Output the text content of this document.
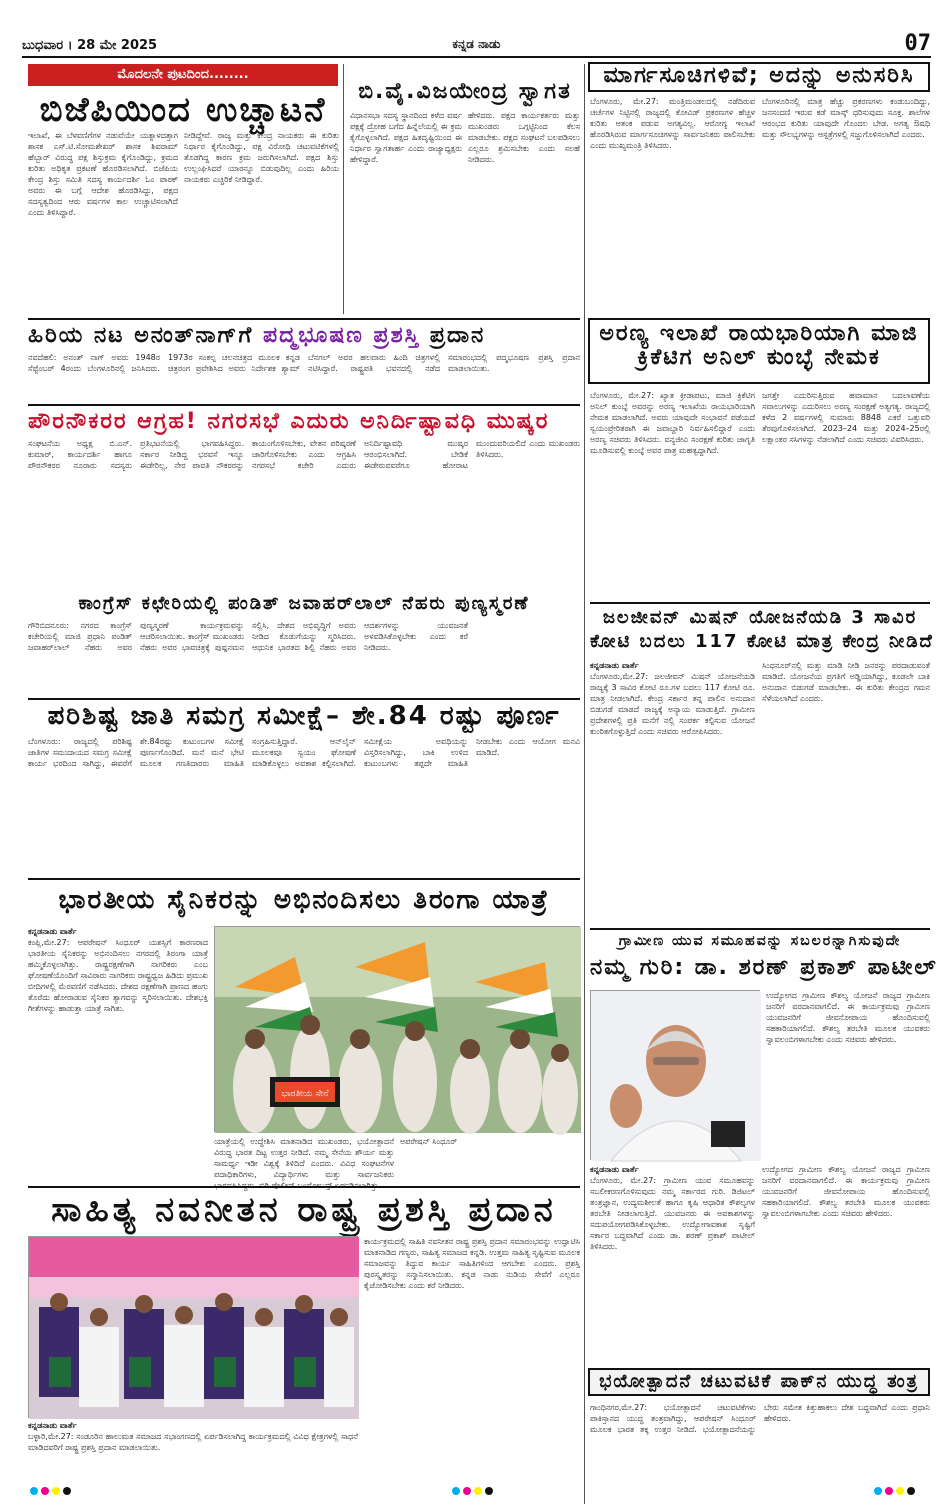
ಬುಧವಾರ । 28 ಮೇ 2025	ಕನ್ನಡ ನಾಡು	07
ಮೊದಲನೇ ಪುಟದಿಂದ........
ಬಿಜೆಪಿಯಿಂದ ಉಚ್ಚಾಟನೆ
ಇಲಾಖೆ, ಈ ಬೆಳವಣಿಗೆಗಳ ನಡುವೆಯೇ ಯತ್ನಾಳದತ್ತಾಗ ಶಾಸಕ ಎಸ್.ಟಿ.ಸೋಮಶೇಖರ್ ಶಾಸಕ ಶಿವರಾಮ್ ಹೆಬ್ಬಾರ್ ವಿರುದ್ಧ ಪಕ್ಷ ಶಿಸ್ತುಕ್ರಮ ಕೈಗೊಂಡಿದ್ದು, ಕ್ರಮದ ಕುರಿತು ಅಧಿಕೃತ ಪ್ರಕಟಣೆ ಹೊರಡಿಸಲಾಗಿದೆ. ಬಿಜೆಪಿಯ ಕೇಂದ್ರ ಶಿಸ್ತು ಸಮಿತಿ ಸದಸ್ಯ ಕಾರ್ಯದರ್ಶಿ ಓಂ ಪಾಠಕ್ ಅವರು ಈ ಬಗ್ಗೆ ಆದೇಶ ಹೊರಡಿಸಿದ್ದು, ಪಕ್ಷದ ಸದಸ್ಯತ್ವದಿಂದ ಆರು ವರ್ಷಗಳ ಕಾಲ ಉಚ್ಚಾಟಿಸಲಾಗಿದೆ ಎಂದು ತಿಳಿಸಿದ್ದಾರೆ.
ನೀಡಿದ್ದೇವೆ. ರಾಜ್ಯ ಮತ್ತು ಕೇಂದ್ರ ನಾಯಕರು ಈ ಕುರಿತು ನಿರ್ಧಾರ ಕೈಗೊಂಡಿದ್ದು, ಪಕ್ಷ ವಿರೋಧಿ ಚಟುವಟಿಕೆಗಳಲ್ಲಿ ತೊಡಗಿದ್ದ ಕಾರಣ ಕ್ರಮ ಜರುಗಿಸಲಾಗಿದೆ. ಪಕ್ಷದ ಶಿಸ್ತು ಉಲ್ಲಂಘಿಸಿದರೆ ಯಾರನ್ನೂ ಬಿಡುವುದಿಲ್ಲ ಎಂದು ಹಿರಿಯ ನಾಯಕರು ಎಚ್ಚರಿಕೆ ನೀಡಿದ್ದಾರೆ.
ಬಿ.ವೈ.ವಿಜಯೇಂದ್ರ ಸ್ವಾಗತ
ವಿಧಾನಸಭಾ ಸದಸ್ಯ ಸ್ಥಾನದಿಂದ ಕಳೆದ ವರ್ಷ ಪಕ್ಷಕ್ಕೆ ದ್ರೋಹ ಬಗೆದ ಹಿನ್ನೆಲೆಯಲ್ಲಿ ಈ ಕ್ರಮ ಕೈಗೊಳ್ಳಲಾಗಿದೆ. ಪಕ್ಷದ ಹಿತದೃಷ್ಟಿಯಿಂದ ಈ ನಿರ್ಧಾರ ಸ್ವಾಗತಾರ್ಹ ಎಂದು ರಾಜ್ಯಾಧ್ಯಕ್ಷರು ಹೇಳಿದ್ದಾರೆ.
ಹೇಳಿದರು. ಪಕ್ಷದ ಕಾರ್ಯಕರ್ತರು ಮತ್ತು ಮುಖಂಡರು ಒಗ್ಗಟ್ಟಿನಿಂದ ಕೆಲಸ ಮಾಡಬೇಕು. ಪಕ್ಷದ ಸಂಘಟನೆ ಬಲಪಡಿಸಲು ಎಲ್ಲರೂ ಶ್ರಮಿಸಬೇಕು ಎಂದು ಸಲಹೆ ನೀಡಿದರು.
ಹಿರಿಯ ನಟ ಅನಂತ್‌ನಾಗ್‌ಗೆ ಪದ್ಮಭೂಷಣ ಪ್ರಶಸ್ತಿ ಪ್ರದಾನ
ನವದೆಹಲಿ: ಅನಂತ್ ನಾಗ್ ಅವರು 1948ರ ಸೆಪ್ಟೆಂಬರ್ 4ರಂದು ಬೆಂಗಳೂರಿನಲ್ಲಿ ಜನಿಸಿದರು. 1973ರ ಸಂಕಲ್ಪ ಚಲನಚಿತ್ರದ ಮೂಲಕ ಕನ್ನಡ ಚಿತ್ರರಂಗ ಪ್ರವೇಶಿಸಿದ ಅವರು ನಿರ್ದೇಶಕ ಶ್ಯಾಮ್ ಬೆನಗಲ್ ಅವರ ಹಲವಾರು ಹಿಂದಿ ಚಿತ್ರಗಳಲ್ಲಿ ನಟಿಸಿದ್ದಾರೆ. ರಾಷ್ಟ್ರಪತಿ ಭವನದಲ್ಲಿ ನಡೆದ ಸಮಾರಂಭದಲ್ಲಿ ಪದ್ಮಭೂಷಣ ಪ್ರಶಸ್ತಿ ಪ್ರದಾನ ಮಾಡಲಾಯಿತು.
ಪೌರನೌಕರರ ಆಗ್ರಹ! ನಗರಸಭೆ ಎದುರು ಅನಿರ್ದಿಷ್ಟಾವಧಿ ಮುಷ್ಕರ
ಸಂಘಟನೆಯ ಅಧ್ಯಕ್ಷ ಬಿ.ಎನ್. ಕುಮಾರ್, ಕಾರ್ಯದರ್ಶಿ ಹಾಗೂ ಪೌರನೌಕರರ ನೂರಾರು ಸದಸ್ಯರು ಪ್ರತಿಭಟನೆಯಲ್ಲಿ ಭಾಗವಹಿಸಿದ್ದರು. ಸರ್ಕಾರ ನೀಡಿದ್ದ ಭರವಸೆ ಇನ್ನೂ ಈಡೇರಿಲ್ಲ, ನೇರ ಪಾವತಿ ನೌಕರರನ್ನು ಕಾಯಂಗೊಳಿಸಬೇಕು, ವೇತನ ಪರಿಷ್ಕರಣೆ ಜಾರಿಗೊಳಿಸಬೇಕು ಎಂದು ಆಗ್ರಹಿಸಿ ನಗರಸಭೆ ಕಚೇರಿ ಎದುರು ಅನಿರ್ದಿಷ್ಟಾವಧಿ ಮುಷ್ಕರ ಆರಂಭಿಸಲಾಗಿದೆ. ಬೇಡಿಕೆ ಈಡೇರುವವರೆಗೂ ಹೋರಾಟ ಮುಂದುವರಿಯಲಿದೆ ಎಂದು ಮುಖಂಡರು ತಿಳಿಸಿದರು.
ಕಾಂಗ್ರೆಸ್ ಕಛೇರಿಯಲ್ಲಿ ಪಂಡಿತ್ ಜವಾಹರ್‌ಲಾಲ್ ನೆಹರು ಪುಣ್ಯಸ್ಮರಣೆ
ಗೌರಿಬಿದನೂರು: ನಗರದ ಕಾಂಗ್ರೆಸ್ ಕಚೇರಿಯಲ್ಲಿ ಮಾಜಿ ಪ್ರಧಾನಿ ಪಂಡಿತ್ ಜವಾಹರ್‌ಲಾಲ್ ನೆಹರು ಅವರ ಪುಣ್ಯಸ್ಮರಣೆ ಕಾರ್ಯಕ್ರಮವನ್ನು ಆಚರಿಸಲಾಯಿತು. ಕಾಂಗ್ರೆಸ್ ಮುಖಂಡರು ನೆಹರು ಅವರ ಭಾವಚಿತ್ರಕ್ಕೆ ಪುಷ್ಪನಮನ ಸಲ್ಲಿಸಿ, ದೇಶದ ಅಭಿವೃದ್ಧಿಗೆ ಅವರು ನೀಡಿದ ಕೊಡುಗೆಯನ್ನು ಸ್ಮರಿಸಿದರು. ಆಧುನಿಕ ಭಾರತದ ಶಿಲ್ಪಿ ನೆಹರು ಅವರ ಆದರ್ಶಗಳನ್ನು ಯುವಜನತೆ ಅಳವಡಿಸಿಕೊಳ್ಳಬೇಕು ಎಂದು ಕರೆ ನೀಡಿದರು.
ಪರಿಶಿಷ್ಟ ಜಾತಿ ಸಮಗ್ರ ಸಮೀಕ್ಷೆ– ಶೇ.84 ರಷ್ಟು ಪೂರ್ಣ
ಬೆಂಗಳೂರು: ರಾಜ್ಯದಲ್ಲಿ ಪರಿಶಿಷ್ಟ ಜಾತಿಗಳ ಸಮುದಾಯದ ಸಮಗ್ರ ಸಮೀಕ್ಷೆ ಕಾರ್ಯ ಭರದಿಂದ ಸಾಗಿದ್ದು, ಈವರೆಗೆ ಶೇ.84ರಷ್ಟು ಕುಟುಂಬಗಳ ಸಮೀಕ್ಷೆ ಪೂರ್ಣಗೊಂಡಿದೆ. ಮನೆ ಮನೆ ಭೇಟಿ ಮೂಲಕ ಗಣತಿದಾರರು ಮಾಹಿತಿ ಸಂಗ್ರಹಿಸುತ್ತಿದ್ದಾರೆ. ಆನ್‌ಲೈನ್ ಮೂಲಕವೂ ಸ್ವಯಂ ಘೋಷಣೆ ಮಾಡಿಕೊಳ್ಳಲು ಅವಕಾಶ ಕಲ್ಪಿಸಲಾಗಿದೆ. ಸಮೀಕ್ಷೆಯ ಅವಧಿಯನ್ನು ವಿಸ್ತರಿಸಲಾಗಿದ್ದು, ಬಾಕಿ ಉಳಿದ ಕುಟುಂಬಗಳು ತಪ್ಪದೇ ಮಾಹಿತಿ ನೀಡಬೇಕು ಎಂದು ಆಯೋಗ ಮನವಿ ಮಾಡಿದೆ.
ಭಾರತೀಯ ಸೈನಿಕರನ್ನು ಅಭಿನಂದಿಸಲು ತಿರಂಗಾ ಯಾತ್ರೆ
ಕನ್ನಡನಾಡು ವಾರ್ತೆ
ಕಂಪ್ಲಿ,ಮೇ.27: ಆಪರೇಷನ್ ಸಿಂಧೂರ್ ಯಶಸ್ಸಿಗೆ ಕಾರಣರಾದ ಭಾರತೀಯ ಸೈನಿಕರನ್ನು ಅಭಿನಂದಿಸಲು ನಗರದಲ್ಲಿ ತಿರಂಗಾ ಯಾತ್ರೆ ಹಮ್ಮಿಕೊಳ್ಳಲಾಗಿತ್ತು. ರಾಷ್ಟ್ರರಕ್ಷಣೆಗಾಗಿ ನಾಗರಿಕರು ಎಂಬ ಘೋಷಣೆಯೊಂದಿಗೆ ಸಾವಿರಾರು ನಾಗರಿಕರು ರಾಷ್ಟ್ರಧ್ವಜ ಹಿಡಿದು ಪ್ರಮುಖ ಬೀದಿಗಳಲ್ಲಿ ಮೆರವಣಿಗೆ ನಡೆಸಿದರು. ದೇಶದ ರಕ್ಷಣೆಗಾಗಿ ಪ್ರಾಣದ ಹಂಗು ತೊರೆದು ಹೋರಾಡುವ ಸೈನಿಕರ ತ್ಯಾಗವನ್ನು ಸ್ಮರಿಸಲಾಯಿತು. ದೇಶಭಕ್ತಿ ಗೀತೆಗಳನ್ನು ಹಾಡುತ್ತಾ ಯಾತ್ರೆ ಸಾಗಿತು.
ಭಾರತೀಯ ಸೇನೆ
ಯಾತ್ರೆಯಲ್ಲಿ ಉದ್ದೇಶಿಸಿ ಮಾತನಾಡಿದ ಮುಖಂಡರು, ಭಯೋತ್ಪಾದನೆ ವಿರುದ್ಧ ಭಾರತ ದಿಟ್ಟ ಉತ್ತರ ನೀಡಿದೆ. ನಮ್ಮ ಸೇನೆಯ ಶೌರ್ಯ ಮತ್ತು ಸಾಮರ್ಥ್ಯ ಇಡೀ ವಿಶ್ವಕ್ಕೆ ತಿಳಿದಿದೆ ಎಂದರು. ವಿವಿಧ ಸಂಘಟನೆಗಳ ಪದಾಧಿಕಾರಿಗಳು, ವಿದ್ಯಾರ್ಥಿಗಳು ಮತ್ತು ಸಾರ್ವಜನಿಕರು
ಅಪರೇಷನ್ ಸಿಂಧೂರ್
ಸಾಹಿತ್ಯ ನವನೀತನ ರಾಷ್ಟ್ರ ಪ್ರಶಸ್ತಿ ಪ್ರದಾನ
ಕಾರ್ಯಕ್ರಮದಲ್ಲಿ ಸಾಹಿತಿ ನವನೀತನ ರಾಷ್ಟ್ರ ಪ್ರಶಸ್ತಿ ಪ್ರದಾನ ಸಮಾರಂಭವನ್ನು ಉದ್ಘಾಟಿಸಿ ಮಾತನಾಡಿದ ಗಣ್ಯರು, ಸಾಹಿತ್ಯ ಸಮಾಜದ ಕನ್ನಡಿ. ಉತ್ತಮ ಸಾಹಿತ್ಯ ಸೃಷ್ಟಿಸುವ ಮೂಲಕ ಸಮಾಜವನ್ನು ತಿದ್ದುವ ಕಾರ್ಯ ಸಾಹಿತಿಗಳಿಂದ ಆಗಬೇಕು ಎಂದರು. ಪ್ರಶಸ್ತಿ ಪುರಸ್ಕೃತರನ್ನು ಸನ್ಮಾನಿಸಲಾಯಿತು. ಕನ್ನಡ ನಾಡು ನುಡಿಯ ಸೇವೆಗೆ ಎಲ್ಲರೂ ಕೈಜೋಡಿಸಬೇಕು ಎಂದು ಕರೆ ನೀಡಿದರು.
ಕನ್ನಡನಾಡು ವಾರ್ತೆ
ಬಳ್ಳಾರಿ,ಮೇ.27: ಸಂಡೂರಿನ ಹಾಲುಮತ ಸಮಾಜದ ಸಭಾಂಗಣದಲ್ಲಿ ಏರ್ಪಡಿಸಲಾಗಿದ್ದ ಕಾರ್ಯಕ್ರಮದಲ್ಲಿ ವಿವಿಧ ಕ್ಷೇತ್ರಗಳಲ್ಲಿ ಸಾಧನೆ ಮಾಡಿದವರಿಗೆ ರಾಷ್ಟ್ರ ಪ್ರಶಸ್ತಿ ಪ್ರದಾನ ಮಾಡಲಾಯಿತು.
ಮಾರ್ಗಸೂಚಿಗಳಿವೆ; ಅದನ್ನು ಅನುಸರಿಸಿ
ಬೆಂಗಳೂರು, ಮೇ.27: ಮಂತ್ರಿಮಂಡಲದಲ್ಲಿ ನಡೆದಿರುವ ಚರ್ಚೆಗಳ ನಿಟ್ಟಿನಲ್ಲಿ ರಾಜ್ಯದಲ್ಲಿ ಕೋವಿಡ್ ಪ್ರಕರಣಗಳ ಹೆಚ್ಚಳ ಕುರಿತು ಆತಂಕ ಪಡುವ ಅಗತ್ಯವಿಲ್ಲ. ಆರೋಗ್ಯ ಇಲಾಖೆ ಹೊರಡಿಸಿರುವ ಮಾರ್ಗಸೂಚಿಗಳನ್ನು ಸಾರ್ವಜನಿಕರು ಪಾಲಿಸಬೇಕು ಎಂದು ಮುಖ್ಯಮಂತ್ರಿ ತಿಳಿಸಿದರು.
ಬೆಂಗಳೂರಿನಲ್ಲಿ ಮಾತ್ರ ಹೆಚ್ಚು ಪ್ರಕರಣಗಳು ಕಂಡುಬಂದಿದ್ದು, ಜನಸಂದಣಿ ಇರುವ ಕಡೆ ಮಾಸ್ಕ್ ಧರಿಸುವುದು ಸೂಕ್ತ. ಶಾಲೆಗಳ ಆರಂಭದ ಕುರಿತು ಯಾವುದೇ ಗೊಂದಲ ಬೇಡ. ಅಗತ್ಯ ಔಷಧಿ ಮತ್ತು ಸೌಲಭ್ಯಗಳನ್ನು ಆಸ್ಪತ್ರೆಗಳಲ್ಲಿ ಸಜ್ಜುಗೊಳಿಸಲಾಗಿದೆ ಎಂದರು.
ಅರಣ್ಯ ಇಲಾಖೆ ರಾಯಭಾರಿಯಾಗಿ ಮಾಜಿ ಕ್ರಿಕೆಟಿಗ ಅನಿಲ್ ಕುಂಬ್ಳೆ ನೇಮಕ
ಬೆಂಗಳೂರು, ಮೇ.27: ಖ್ಯಾತ ಕ್ರೀಡಾಪಟು, ಮಾಜಿ ಕ್ರಿಕೆಟಿಗ ಅನಿಲ್ ಕುಂಬ್ಳೆ ಅವರನ್ನು ಅರಣ್ಯ ಇಲಾಖೆಯ ರಾಯಭಾರಿಯಾಗಿ ನೇಮಕ ಮಾಡಲಾಗಿದೆ. ಅವರು ಯಾವುದೇ ಸಂಭಾವನೆ ಪಡೆಯದೆ ಸ್ವಯಂಪ್ರೇರಿತರಾಗಿ ಈ ಜವಾಬ್ದಾರಿ ನಿರ್ವಹಿಸಲಿದ್ದಾರೆ ಎಂದು ಅರಣ್ಯ ಸಚಿವರು ತಿಳಿಸಿದರು. ವನ್ಯಜೀವಿ ಸಂರಕ್ಷಣೆ ಕುರಿತು ಜಾಗೃತಿ ಮೂಡಿಸುವಲ್ಲಿ ಕುಂಬ್ಳೆ ಅವರ ಪಾತ್ರ ಮಹತ್ವದ್ದಾಗಿದೆ.
ಜಗತ್ತೇ ಎದುರಿಸುತ್ತಿರುವ ಹವಾಮಾನ ಬದಲಾವಣೆಯ ಸವಾಲುಗಳನ್ನು ಎದುರಿಸಲು ಅರಣ್ಯ ಸಂರಕ್ಷಣೆ ಅತ್ಯಗತ್ಯ. ರಾಜ್ಯದಲ್ಲಿ ಕಳೆದ 2 ವರ್ಷಗಳಲ್ಲಿ ಸುಮಾರು 8848 ಎಕರೆ ಒತ್ತುವರಿ ತೆರವುಗೊಳಿಸಲಾಗಿದೆ. 2023–24 ಮತ್ತು 2024–25ರಲ್ಲಿ ಲಕ್ಷಾಂತರ ಸಸಿಗಳನ್ನು ನೆಡಲಾಗಿದೆ ಎಂದು ಸಚಿವರು ವಿವರಿಸಿದರು.
ಜಲಜೀವನ್ ಮಿಷನ್ ಯೋಜನೆಯಡಿ 3 ಸಾವಿರ
ಕೋಟಿ ಬದಲು 117 ಕೋಟಿ ಮಾತ್ರ ಕೇಂದ್ರ ನೀಡಿದೆ
ಕನ್ನಡನಾಡು ವಾರ್ತೆ
ಬೆಂಗಳೂರು,ಮೇ.27: ಜಲಜೀವನ್ ಮಿಷನ್ ಯೋಜನೆಯಡಿ ರಾಜ್ಯಕ್ಕೆ 3 ಸಾವಿರ ಕೋಟಿ ರೂ.ಗಳ ಬದಲು 117 ಕೋಟಿ ರೂ. ಮಾತ್ರ ನೀಡಲಾಗಿದೆ. ಕೇಂದ್ರ ಸರ್ಕಾರ ತನ್ನ ಪಾಲಿನ ಅನುದಾನ ಬಿಡುಗಡೆ ಮಾಡದೆ ರಾಜ್ಯಕ್ಕೆ ಅನ್ಯಾಯ ಮಾಡುತ್ತಿದೆ. ಗ್ರಾಮೀಣ ಪ್ರದೇಶಗಳಲ್ಲಿ ಪ್ರತಿ ಮನೆಗೆ ನಲ್ಲಿ ಸಂಪರ್ಕ ಕಲ್ಪಿಸುವ ಯೋಜನೆ ಕುಂಠಿತಗೊಳ್ಳುತ್ತಿದೆ ಎಂದು ಸಚಿವರು ಆರೋಪಿಸಿದರು.
ಸಿಂಧನೂರ್‌ನಲ್ಲಿ ಮತ್ತು ಮಾಡಿ ನೀಡಿ ಜನರನ್ನು ಪರದಾಡುವಂತೆ ಮಾಡಿದೆ. ಯೋಜನೆಯ ಪ್ರಗತಿಗೆ ಅಡ್ಡಿಯಾಗಿದ್ದು, ಕೂಡಲೇ ಬಾಕಿ ಅನುದಾನ ಬಿಡುಗಡೆ ಮಾಡಬೇಕು. ಈ ಕುರಿತು ಕೇಂದ್ರದ ಗಮನ ಸೆಳೆಯಲಾಗಿದೆ ಎಂದರು.
ಗ್ರಾಮೀಣ ಯುವ ಸಮೂಹವನ್ನು ಸಬಲರನ್ನಾಗಿಸುವುದೇ
ನಮ್ಮ ಗುರಿ: ಡಾ. ಶರಣ್ ಪ್ರಕಾಶ್ ಪಾಟೀಲ್
ಉದ್ಯೋಗದ ಗ್ರಾಮೀಣ ಕೌಶಲ್ಯ ಯೋಜನೆ ರಾಜ್ಯದ ಗ್ರಾಮೀಣ ಜನರಿಗೆ ವರದಾನವಾಗಲಿದೆ. ಈ ಕಾರ್ಯಕ್ರಮವು ಗ್ರಾಮೀಣ ಯುವಜನರಿಗೆ ಜೀವನೋಪಾಯ ಹೊಂದಿಸುವಲ್ಲಿ ಸಹಕಾರಿಯಾಗಲಿದೆ. ಕೌಶಲ್ಯ ತರಬೇತಿ ಮೂಲಕ ಯುವಕರು ಸ್ವಾವಲಂಬಿಗಳಾಗಬೇಕು ಎಂದು ಸಚಿವರು ಹೇಳಿದರು.
ಕನ್ನಡನಾಡು ವಾರ್ತೆ
ಬೆಂಗಳೂರು, ಮೇ.27: ಗ್ರಾಮೀಣ ಯುವ ಸಮೂಹವನ್ನು ಸಬಲೀಕರಣಗೊಳಿಸುವುದು ನಮ್ಮ ಸರ್ಕಾರದ ಗುರಿ. ಡಿಜಿಟಲ್ ತಂತ್ರಜ್ಞಾನ, ಉದ್ಯಮಶೀಲತೆ ಹಾಗೂ ಕೃಷಿ ಆಧಾರಿತ ಕೌಶಲ್ಯಗಳ ತರಬೇತಿ ನೀಡಲಾಗುತ್ತಿದೆ. ಯುವಜನರು ಈ ಅವಕಾಶಗಳನ್ನು ಸದುಪಯೋಗಪಡಿಸಿಕೊಳ್ಳಬೇಕು. ಉದ್ಯೋಗಾವಕಾಶ ಸೃಷ್ಟಿಗೆ ಸರ್ಕಾರ ಬದ್ಧವಾಗಿದೆ ಎಂದು ಡಾ. ಶರಣ್ ಪ್ರಕಾಶ್ ಪಾಟೀಲ್ ತಿಳಿಸಿದರು.
ಉದ್ಯೋಗದ ಗ್ರಾಮೀಣ ಕೌಶಲ್ಯ ಯೋಜನೆ ರಾಜ್ಯದ ಗ್ರಾಮೀಣ ಜನರಿಗೆ ವರದಾನವಾಗಲಿದೆ. ಈ ಕಾರ್ಯಕ್ರಮವು ಗ್ರಾಮೀಣ ಯುವಜನರಿಗೆ ಜೀವನೋಪಾಯ ಹೊಂದಿಸುವಲ್ಲಿ ಸಹಕಾರಿಯಾಗಲಿದೆ. ಕೌಶಲ್ಯ ತರಬೇತಿ ಮೂಲಕ ಯುವಕರು ಸ್ವಾವಲಂಬಿಗಳಾಗಬೇಕು ಎಂದು ಸಚಿವರು ಹೇಳಿದರು.
ಭಯೋತ್ಪಾದನೆ ಚಟುವಟಿಕೆ ಪಾಕ್‌ನ ಯುದ್ಧ ತಂತ್ರ
ಗಾಂಧಿನಗರ,ಮೇ.27: ಭಯೋತ್ಪಾದನೆ ಚಟುವಟಿಕೆಗಳು ಪಾಕಿಸ್ತಾನದ ಯುದ್ಧ ತಂತ್ರವಾಗಿದ್ದು, ಆಪರೇಷನ್ ಸಿಂಧೂರ್ ಮೂಲಕ ಭಾರತ ತಕ್ಕ ಉತ್ತರ ನೀಡಿದೆ. ಭಯೋತ್ಪಾದನೆಯನ್ನು ಬೇರು ಸಮೇತ ಕಿತ್ತುಹಾಕಲು ದೇಶ ಬದ್ಧವಾಗಿದೆ ಎಂದು ಪ್ರಧಾನಿ ಹೇಳಿದರು.
